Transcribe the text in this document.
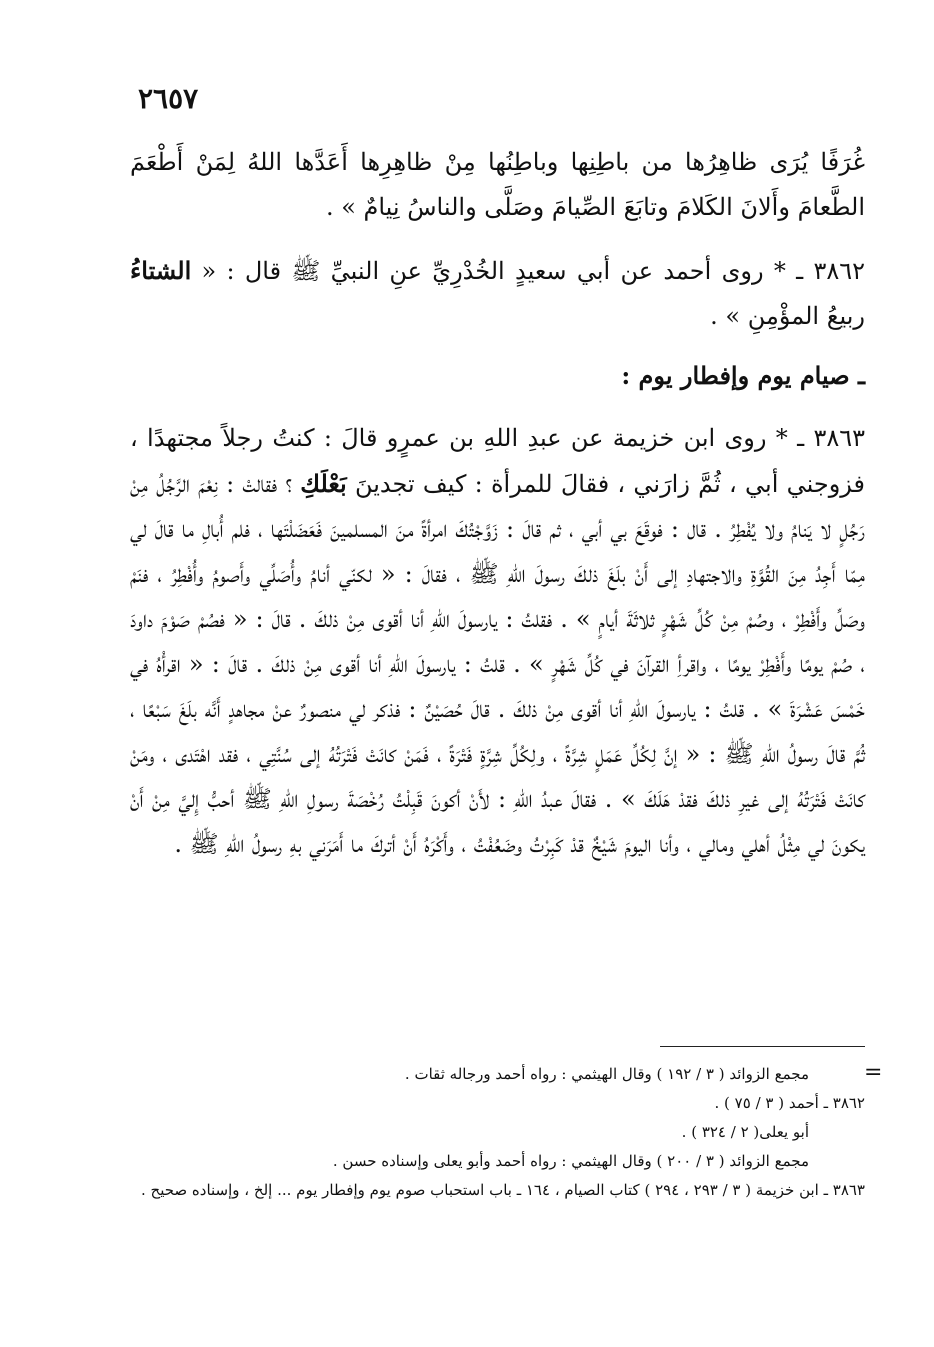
٢٦٥٧

غُرَفًا يُرَى ظاهِرُها من باطِنِها وباطِنُها مِنْ ظاهِرِها أَعَدَّها اللهُ لِمَنْ أَطْعَمَ الطَّعامَ وأَلانَ الكَلامَ وتابَعَ الصِّيامَ وصَلَّى والناسُ نِيامٌ » .

٣٨٦٢ ـ * روى أحمد عن أبي سعيدٍ الخُدْرِيِّ عنِ النبيِّ ﷺ قال : « الشتاءُ ربيعُ المؤْمِنِ » .

ـ صيام يوم وإفطار يوم :

٣٨٦٣ ـ * روى ابن خزيمة عن عبدِ اللهِ بن عمرٍو قالَ : كنتُ رجلاً مجتهدًا ، فزوجني أبي ، ثُمَّ زارَني ، فقالَ للمرأة : كيف تجدينَ بَعْلَكِ ؟ فقالتْ : نِعْمَ الرَّجُلُ مِنْ رَجُلٍ لا يَنامُ ولا يُفْطِرُ . قال : فوقَعَ بي أبي ، ثم قالَ : زَوَّجْتُكَ امرأةً منَ المسلمينَ فَعَضَلْتَها ، فلم أُبالِ ما قالَ لي مِمّا أَجِدُ مِنَ القُوَّةِ والاجتهادِ إلى أَنْ بلَغَ ذلكَ رسولَ اللهِ ﷺ ، فقالَ : « لكنّي أنامُ وأُصَلِّي وأَصومُ وأُفْطِرُ ، فنَمْ وصَلِّ وأَفْطِرْ ، وصُمْ مِنْ كُلِّ شَهْرٍ ثلاثَةَ أيامٍ » . فقلتُ : يارسولَ اللهِ أنا أقوى مِنْ ذلكَ . قالَ : « فصُمْ صَوْمَ داودَ ، صُمْ يومًا وأَفْطِرْ يومًا ، واقرأِ القرآنَ في كُلِّ شَهْرٍ » . قلتُ : يارسولَ اللهِ أنا أقوى مِنْ ذلكَ . قالَ : « اقرأْهُ في خَمْسَ عَشْرَةَ » . قلتُ : يارسولَ اللهِ أنا أقوى مِنْ ذلكَ . قالَ حُصَيْنٌ : فذكر لي منصورٌ عنْ مجاهدٍ أَنَّه بلَغَ سَبْعًا ، ثُمَّ قالَ رسولُ اللهِ ﷺ : « إنَّ لِكُلِّ عَمَلٍ شِرَّةً ، ولِكُلِّ شِرَّةٍ فَتْرَةً ، فَمَنْ كانَتْ فَتْرَتُهُ إلى سُنَّتِي ، فقد اهْتَدى ، ومَنْ كانَتْ فَتْرَتُهُ إلى غيرِ ذلكَ فقدْ هَلَكَ » . فقالَ عبدُ اللهِ : لأَنْ أكونَ قَبِلْتُ رُخْصَةَ رسولِ اللهِ ﷺ أحبُّ إِليَّ مِنْ أَنْ يكونَ لي مِثْلُ أهلي ومالي ، وأنا اليومَ شَيْخٌ قدْ كَبِرْتُ وضَعُفْتُ ، وأَكْرَهُ أَنْ أتركَ ما أَمَرَني بهِ رسولُ اللهِ ﷺ .

=

مجمع الزوائد ( ٣ / ١٩٢ ) وقال الهيثمي : رواه أحمد ورجاله ثقات .

٣٨٦٢ ـ أحمد ( ٣ / ٧٥ ) .

أبو يعلى( ٢ / ٣٢٤ ) .

مجمع الزوائد ( ٣ / ٢٠٠ ) وقال الهيثمي : رواه أحمد وأبو يعلى وإسناده حسن .

٣٨٦٣ ـ ابن خزيمة ( ٣ / ٢٩٣ ، ٢٩٤ ) كتاب الصيام ، ١٦٤ ـ باب استحباب صوم يوم وإفطار يوم ... إلخ ، وإسناده صحيح .
